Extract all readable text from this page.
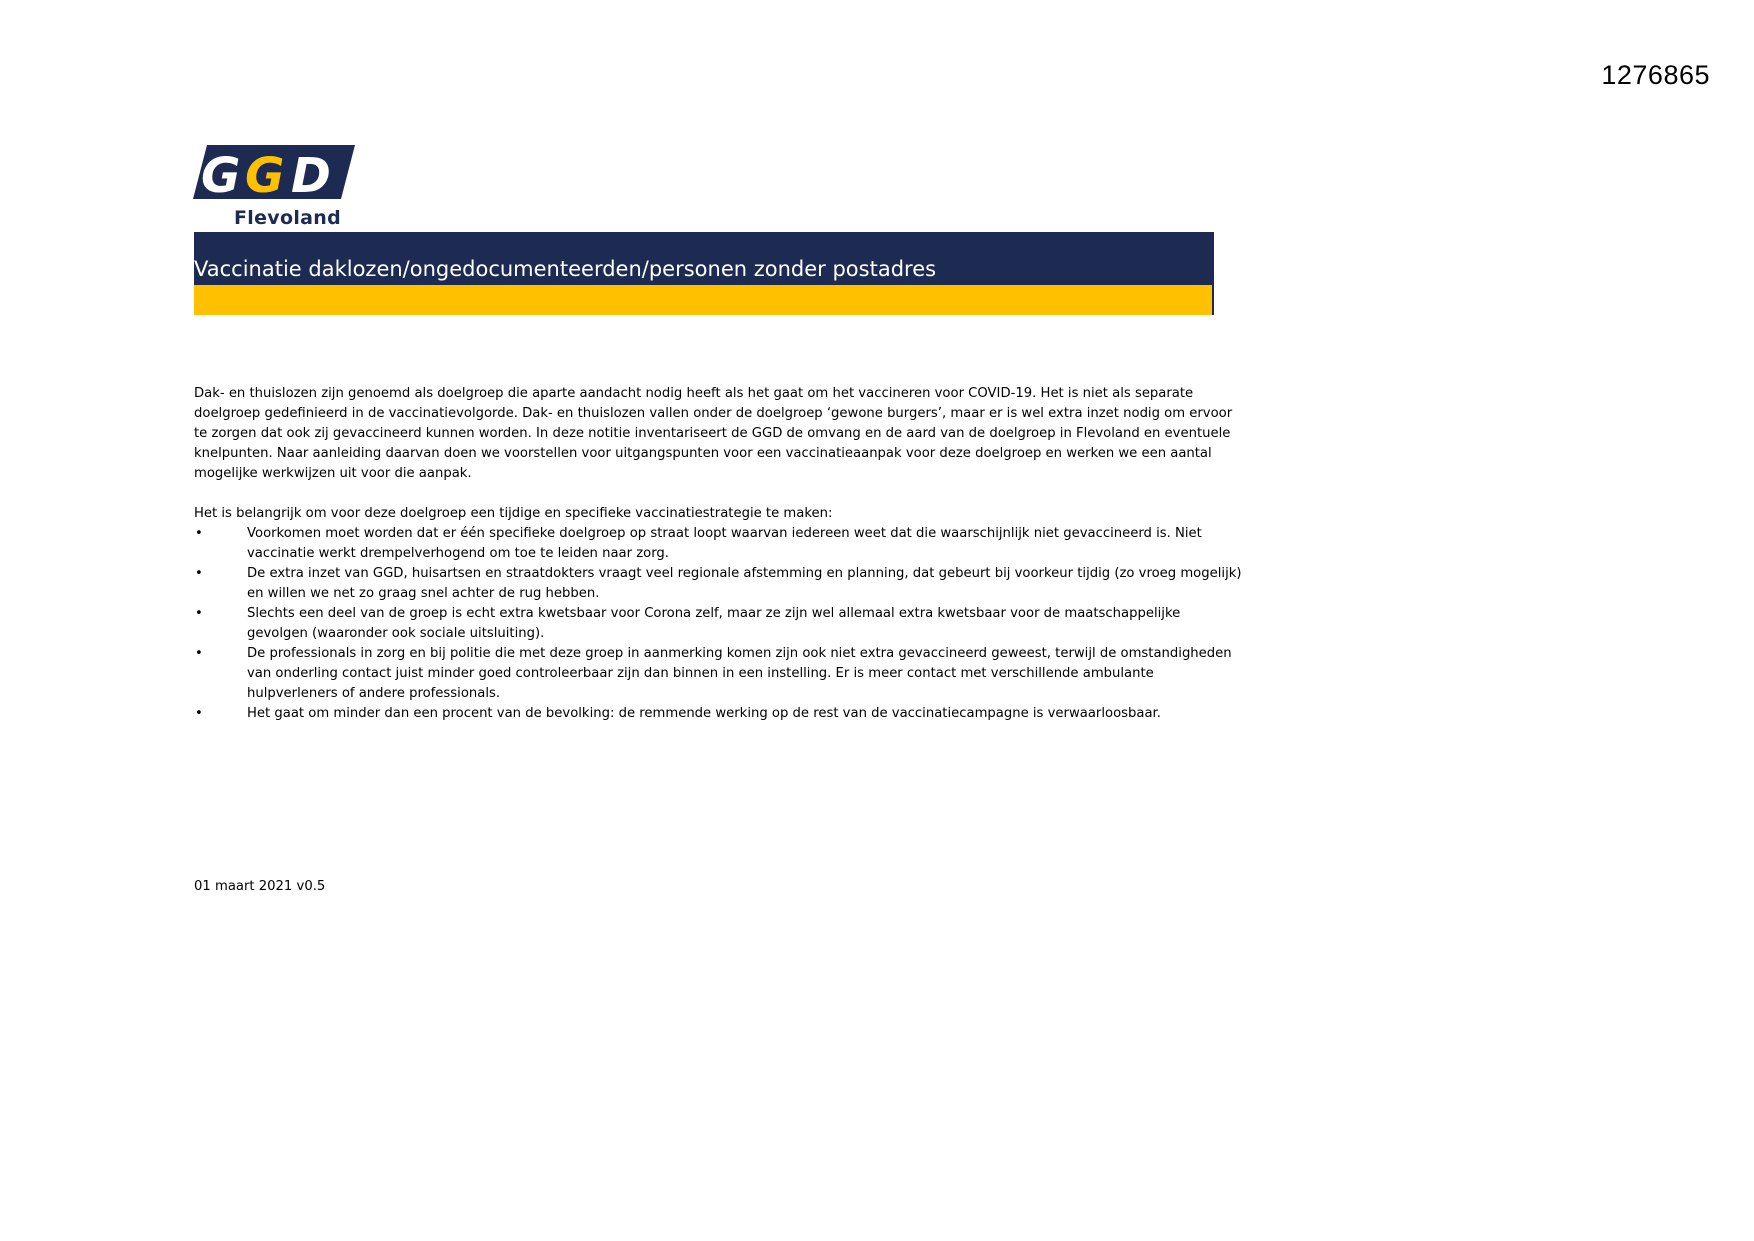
1276865
G G D
Flevoland
Vaccinatie daklozen/ongedocumenteerden/personen zonder postadres
Dak- en thuislozen zijn genoemd als doelgroep die aparte aandacht nodig heeft als het gaat om het vaccineren voor COVID-19. Het is niet als separate
doelgroep gedefinieerd in de vaccinatievolgorde. Dak- en thuislozen vallen onder de doelgroep ‘gewone burgers’, maar er is wel extra inzet nodig om ervoor
te zorgen dat ook zij gevaccineerd kunnen worden. In deze notitie inventariseert de GGD de omvang en de aard van de doelgroep in Flevoland en eventuele
knelpunten. Naar aanleiding daarvan doen we voorstellen voor uitgangspunten voor een vaccinatieaanpak voor deze doelgroep en werken we een aantal
mogelijke werkwijzen uit voor die aanpak.
Het is belangrijk om voor deze doelgroep een tijdige en specifieke vaccinatiestrategie te maken:
•	Voorkomen moet worden dat er één specifieke doelgroep op straat loopt waarvan iedereen weet dat die waarschijnlijk niet gevaccineerd is. Niet
vaccinatie werkt drempelverhogend om toe te leiden naar zorg.
•	De extra inzet van GGD, huisartsen en straatdokters vraagt veel regionale afstemming en planning, dat gebeurt bij voorkeur tijdig (zo vroeg mogelijk)
en willen we net zo graag snel achter de rug hebben.
•	Slechts een deel van de groep is echt extra kwetsbaar voor Corona zelf, maar ze zijn wel allemaal extra kwetsbaar voor de maatschappelijke
gevolgen (waaronder ook sociale uitsluiting).
•	De professionals in zorg en bij politie die met deze groep in aanmerking komen zijn ook niet extra gevaccineerd geweest, terwijl de omstandigheden
van onderling contact juist minder goed controleerbaar zijn dan binnen in een instelling. Er is meer contact met verschillende ambulante
hulpverleners of andere professionals.
•	Het gaat om minder dan een procent van de bevolking: de remmende werking op de rest van de vaccinatiecampagne is verwaarloosbaar.
01 maart 2021 v0.5
